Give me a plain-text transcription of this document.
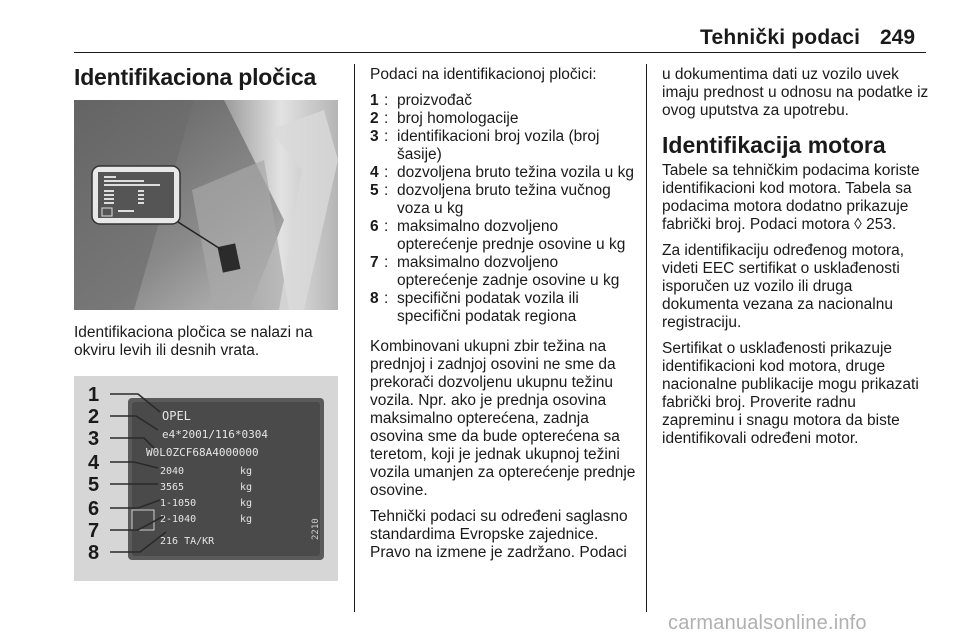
Tehnički podaci 249
Identifikaciona pločica
Identifikaciona pločica se nalazi na okviru levih ili desnih vrata.
OPEL
e4*2001/116*0304
W0L0ZCF68A4000000
2040
3565
1-1050
2-1040
kg
kg
kg
kg
216 TA/KR
2210
1
2
3
4
5
6
7
8

Podaci na identifikacionoj pločici:

1 : proizvođač
2 : broj homologacije
3 : identifikacioni broj vozila (broj šasije)
4 : dozvoljena bruto težina vozila u kg
5 : dozvoljena bruto težina vučnog voza u kg
6 : maksimalno dozvoljeno opterećenje prednje osovine u kg
7 : maksimalno dozvoljeno opterećenje zadnje osovine u kg
8 : specifični podatak vozila ili specifični podatak regiona

Kombinovani ukupni zbir težina na prednjoj i zadnjoj osovini ne sme da prekorači dozvoljenu ukupnu težinu vozila. Npr. ako je prednja osovina maksimalno opterećena, zadnja osovina sme da bude opterećena sa teretom, koji je jednak ukupnoj težini vozila umanjen za opterećenje prednje osovine.

Tehnički podaci su određeni saglasno standardima Evropske zajednice. Pravo na izmene je zadržano. Podaci

u dokumentima dati uz vozilo uvek imaju prednost u odnosu na podatke iz ovog uputstva za upotrebu.

Identifikacija motora

Tabele sa tehničkim podacima koriste identifikacioni kod motora. Tabela sa podacima motora dodatno prikazuje fabrički broj. Podaci motora ◊ 253.

Za identifikaciju određenog motora, videti EEC sertifikat o usklađenosti isporučen uz vozilo ili druga dokumenta vezana za nacionalnu registraciju.

Sertifikat o usklađenosti prikazuje identifikacioni kod motora, druge nacionalne publikacije mogu prikazati fabrički broj. Proverite radnu zapreminu i snagu motora da biste identifikovali određeni motor.

carmanualsonline.info
